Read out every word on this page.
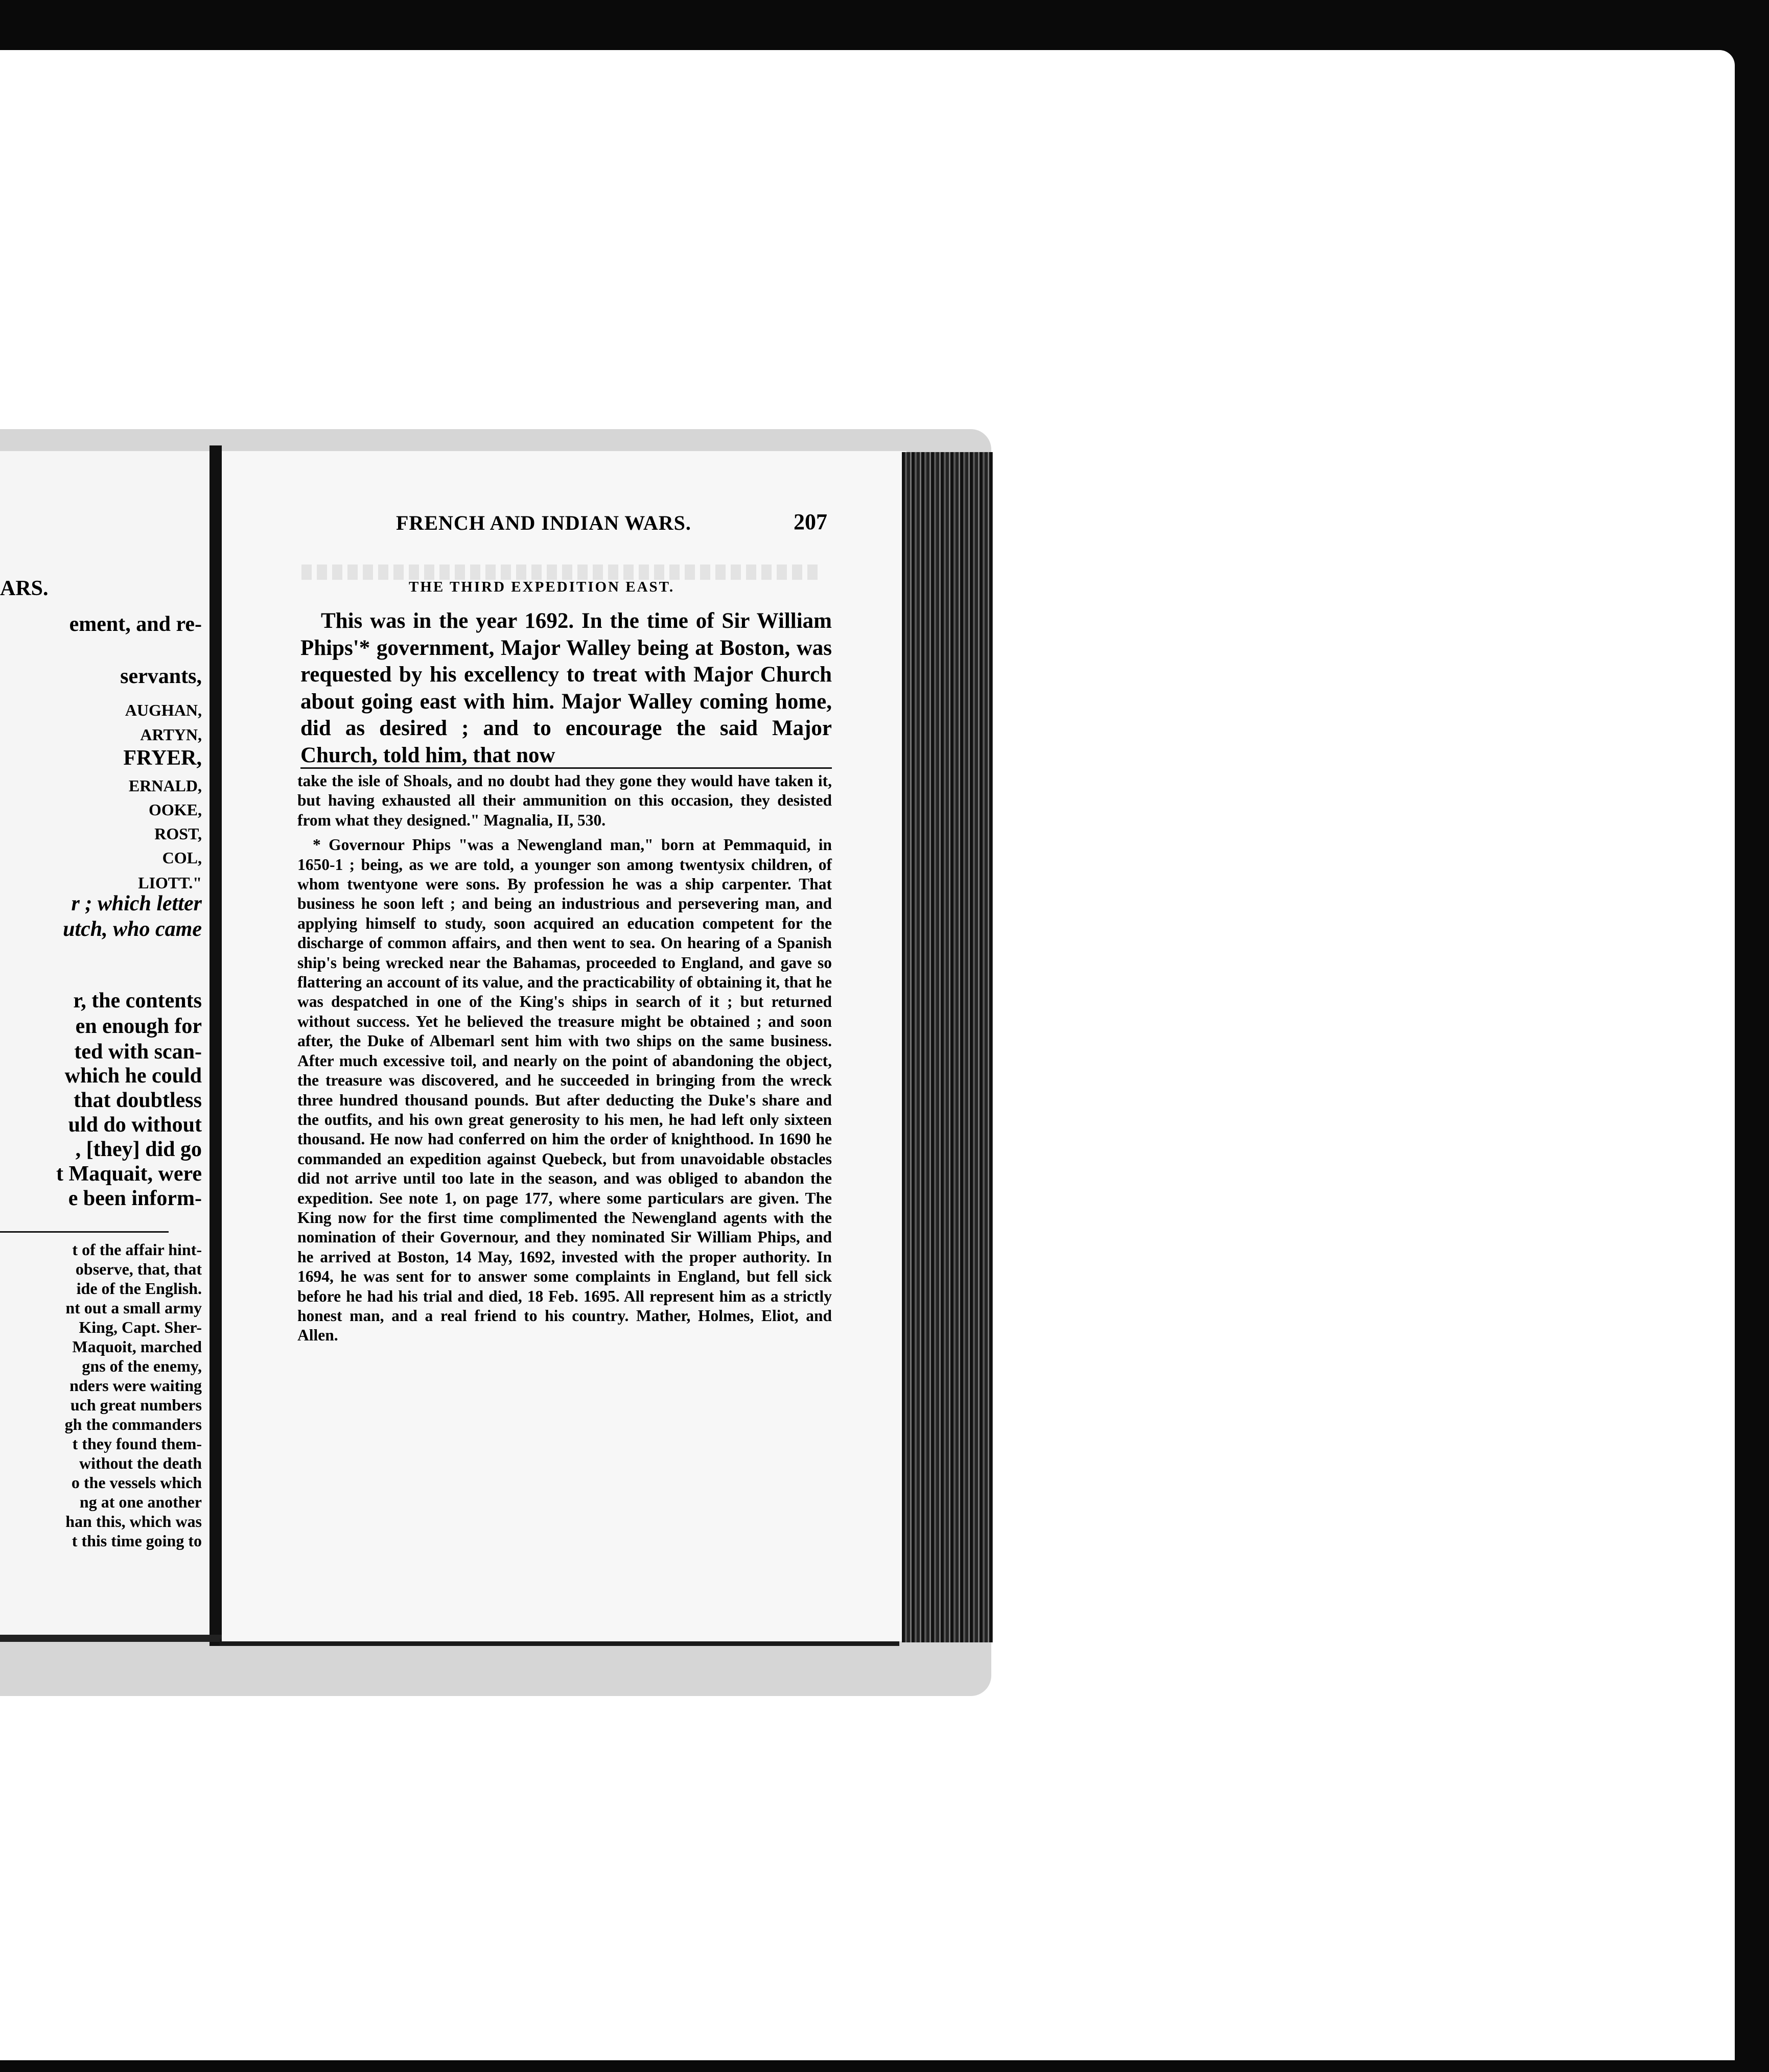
ARS.
ement, and re-
servants,
AUGHAN,
ARTYN,
FRYER,
ERNALD,
OOKE,
ROST,
COL,
LIOTT."
r ; which letter
utch, who came
r, the contents
en enough for
ted with scan-
which he could
that doubtless
uld do without
, [they] did go
t Maquait, were
e been inform-
t of the affair hint-
observe, that, that
ide of the English.
nt out a small army
King, Capt. Sher-
Maquoit, marched
gns of the enemy,
nders were waiting
uch great numbers
gh the commanders
t they found them-
without the death
o the vessels which
ng at one another
han this, which was
t this time going to
FRENCH AND INDIAN WARS.	207
THE THIRD EXPEDITION EAST.

This was in the year 1692. In the time of Sir William Phips'* government, Major Walley being at Boston, was requested by his excellency to treat with Major Church about going east with him. Major Walley coming home, did as desired ; and to encourage the said Major Church, told him, that now

take the isle of Shoals, and no doubt had they gone they would have taken it, but having exhausted all their ammunition on this occasion, they desisted from what they designed." Magnalia, II, 530.

* Governour Phips "was a Newengland man," born at Pemmaquid, in 1650-1 ; being, as we are told, a younger son among twentysix children, of whom twentyone were sons. By profession he was a ship carpenter. That business he soon left ; and being an industrious and persevering man, and applying himself to study, soon acquired an education competent for the discharge of common affairs, and then went to sea. On hearing of a Spanish ship's being wrecked near the Bahamas, proceeded to England, and gave so flattering an account of its value, and the practicability of obtaining it, that he was despatched in one of the King's ships in search of it ; but returned without success. Yet he believed the treasure might be obtained ; and soon after, the Duke of Albemarl sent him with two ships on the same business. After much excessive toil, and nearly on the point of abandoning the object, the treasure was discovered, and he succeeded in bringing from the wreck three hundred thousand pounds. But after deducting the Duke's share and the outfits, and his own great generosity to his men, he had left only sixteen thousand. He now had conferred on him the order of knighthood. In 1690 he commanded an expedition against Quebeck, but from unavoidable obstacles did not arrive until too late in the season, and was obliged to abandon the expedition. See note 1, on page 177, where some particulars are given. The King now for the first time complimented the Newengland agents with the nomination of their Governour, and they nominated Sir William Phips, and he arrived at Boston, 14 May, 1692, invested with the proper authority. In 1694, he was sent for to answer some complaints in England, but fell sick before he had his trial and died, 18 Feb. 1695. All represent him as a strictly honest man, and a real friend to his country. Mather, Holmes, Eliot, and Allen.
